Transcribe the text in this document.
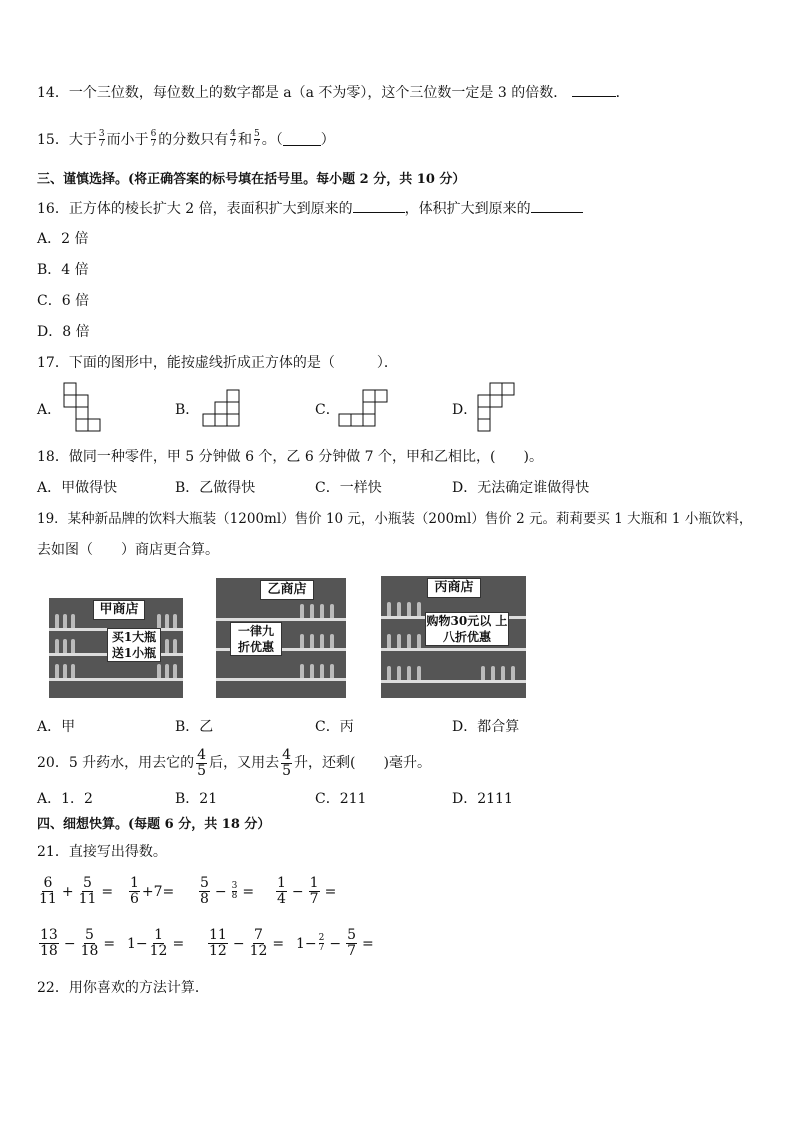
14．一个三位数，每位数上的数字都是 a（a 不为零），这个三位数一定是 3 的倍数．	．
15．大于 $\frac{3}{7}$ 而小于 $\frac{6}{7}$ 的分数只有 $\frac{4}{7}$ 和 $\frac{5}{7}$ 。（	）
三、谨慎选择。(将正确答案的标号填在括号里。每小题 2 分，共 10 分）
16．正方体的棱长扩大 2 倍，表面积扩大到原来的	，体积扩大到原来的
A．2 倍
B．4 倍
C．6 倍
D．8 倍
17．下面的图形中，能按虚线折成正方体的是（　　　）．
A．	B．	C．	D．
18．做同一种零件，甲 5 分钟做 6 个，乙 6 分钟做 7 个，甲和乙相比，(　　)。
A．甲做得快	B．乙做得快	C．一样快	D．无法确定谁做得快
19．某种新品牌的饮料大瓶装（1200ml）售价 10 元，小瓶装（200ml）售价 2 元。莉莉要买 1 大瓶和 1 小瓶饮料，
去如图（　　）商店更合算。
甲商店
买1大瓶 送1小瓶
乙商店
一律九 折优惠
丙商店
购物30元以 上八折优惠
A．甲	B．乙	C．丙	D．都合算
20．5 升药水，用去它的 $\frac{4}{5}$ 后，又用去 $\frac{4}{5}$ 升，还剩(　　)毫升。
A．1．2	B．21	C．211	D．2111
四、细想快算。(每题 6 分，共 18 分）
21．直接写出得数。
$\frac{6}{11} + \frac{5}{11} = \frac{1}{6} +7= \frac{5}{8} - \frac{3}{8} = \frac{1}{4} - \frac{1}{7}$ =
$\frac{13}{18} - \frac{5}{18} = 1- \frac{1}{12} = \frac{11}{12} - \frac{7}{12} = 1- \frac{2}{7} - \frac{5}{7}$ =
22．用你喜欢的方法计算．
